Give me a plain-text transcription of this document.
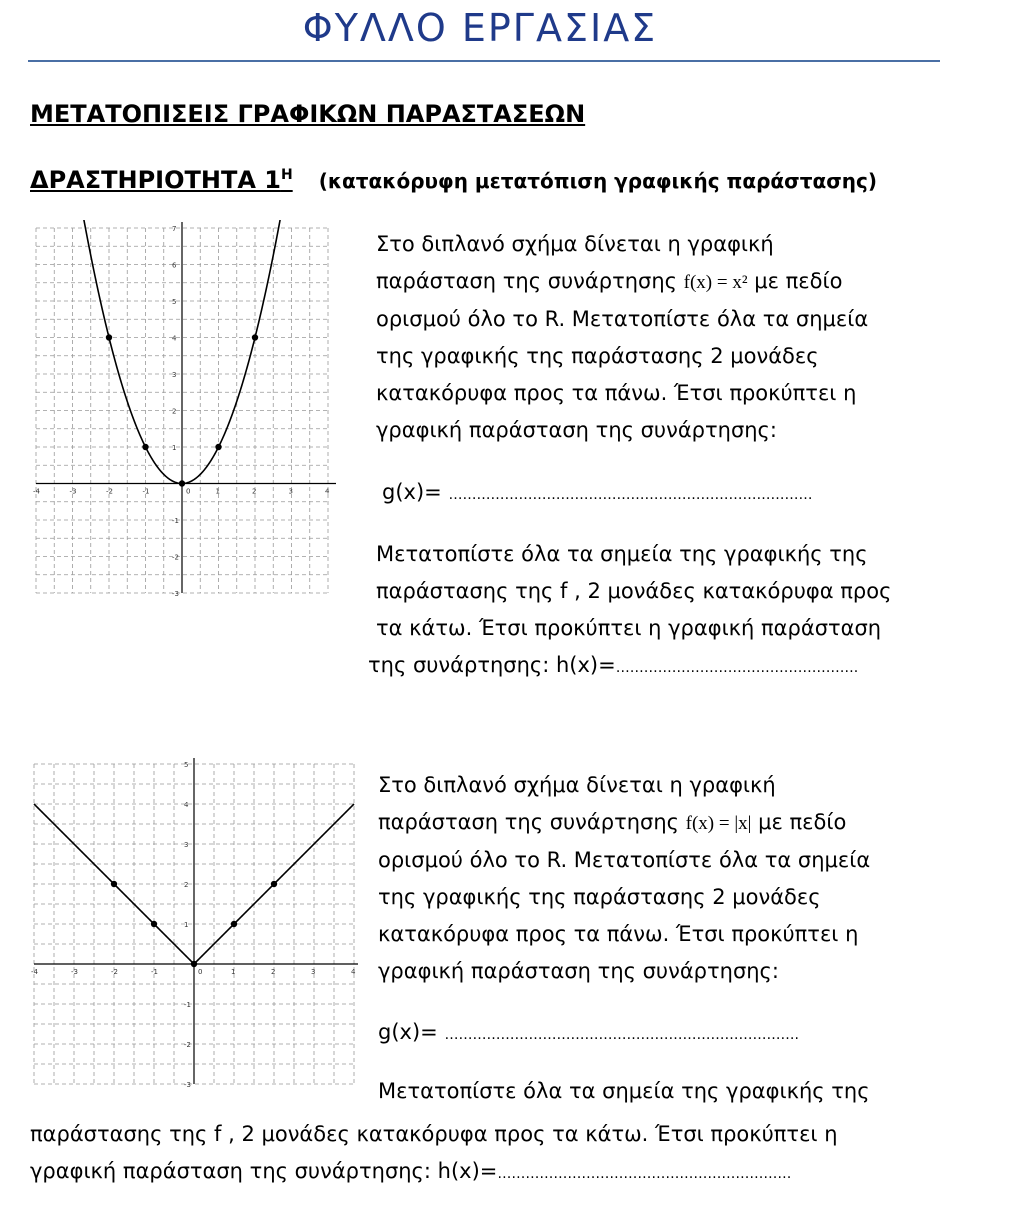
ΦΥΛΛΟ ΕΡΓΑΣΙΑΣ
ΜΕΤΑΤΟΠΙΣΕΙΣ ΓΡΑΦΙΚΩΝ ΠΑΡΑΣΤΑΣΕΩΝ
ΔΡΑΣΤΗΡΙΟΤΗΤΑ $1^H$ (κατακόρυφη μετατόπιση γραφικής παράστασης)
-4	-3	-2	-1	0	1	2	3	4
-3
-2
-1
1
2
3
4
5
6
7

Στο διπλανό σχήμα δίνεται η γραφική

παράσταση της συνάρτησης f(x) = x² με πεδίο

ορισμού όλο το R. Μετατοπίστε όλα τα σημεία

της γραφικής της παράστασης 2 μονάδες

κατακόρυφα προς τα πάνω. Έτσι προκύπτει η

γραφική παράσταση της συνάρτησης:

g(x)= ……………………………………………………………………

Μετατοπίστε όλα τα σημεία της γραφικής της

παράστασης της f , 2 μονάδες κατακόρυφα προς

τα κάτω. Έτσι προκύπτει η γραφική παράσταση

της συνάρτησης: h(x)=…………………………………………….

-4	-3	-2	-1	0	1	2	3	4
-3
-2
-1
1
2
3
4
5

Στο διπλανό σχήμα δίνεται η γραφική

παράσταση της συνάρτησης f(x) = |x| με πεδίο

ορισμού όλο το R. Μετατοπίστε όλα τα σημεία

της γραφικής της παράστασης 2 μονάδες

κατακόρυφα προς τα πάνω. Έτσι προκύπτει η

γραφική παράσταση της συνάρτησης:

g(x)= ………………………………………………………………….

Μετατοπίστε όλα τα σημεία της γραφικής της

παράστασης της f , 2 μονάδες κατακόρυφα προς τα κάτω. Έτσι προκύπτει η

γραφική παράσταση της συνάρτησης: h(x)=………………………………………………………
